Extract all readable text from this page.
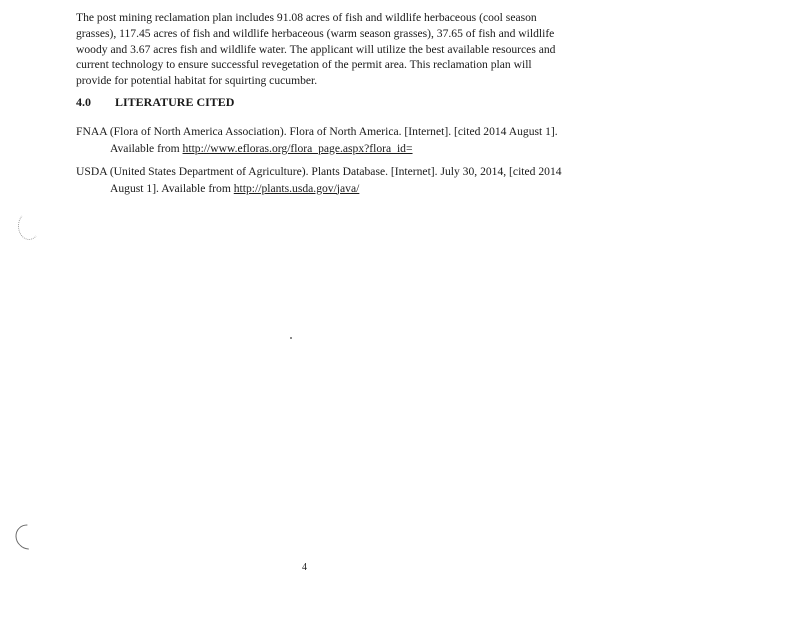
The post mining reclamation plan includes 91.08 acres of fish and wildlife herbaceous (cool season grasses), 117.45 acres of fish and wildlife herbaceous (warm season grasses), 37.65 of fish and wildlife woody and 3.67 acres fish and wildlife water. The applicant will utilize the best available resources and current technology to ensure successful revegetation of the permit area. This reclamation plan will provide for potential habitat for squirting cucumber.

4.0 LITERATURE CITED

FNAA (Flora of North America Association). Flora of North America. [Internet]. [cited 2014 August 1]. Available from http://www.efloras.org/flora_page.aspx?flora_id=

USDA (United States Department of Agriculture). Plants Database. [Internet]. July 30, 2014, [cited 2014 August 1]. Available from http://plants.usda.gov/java/

4
